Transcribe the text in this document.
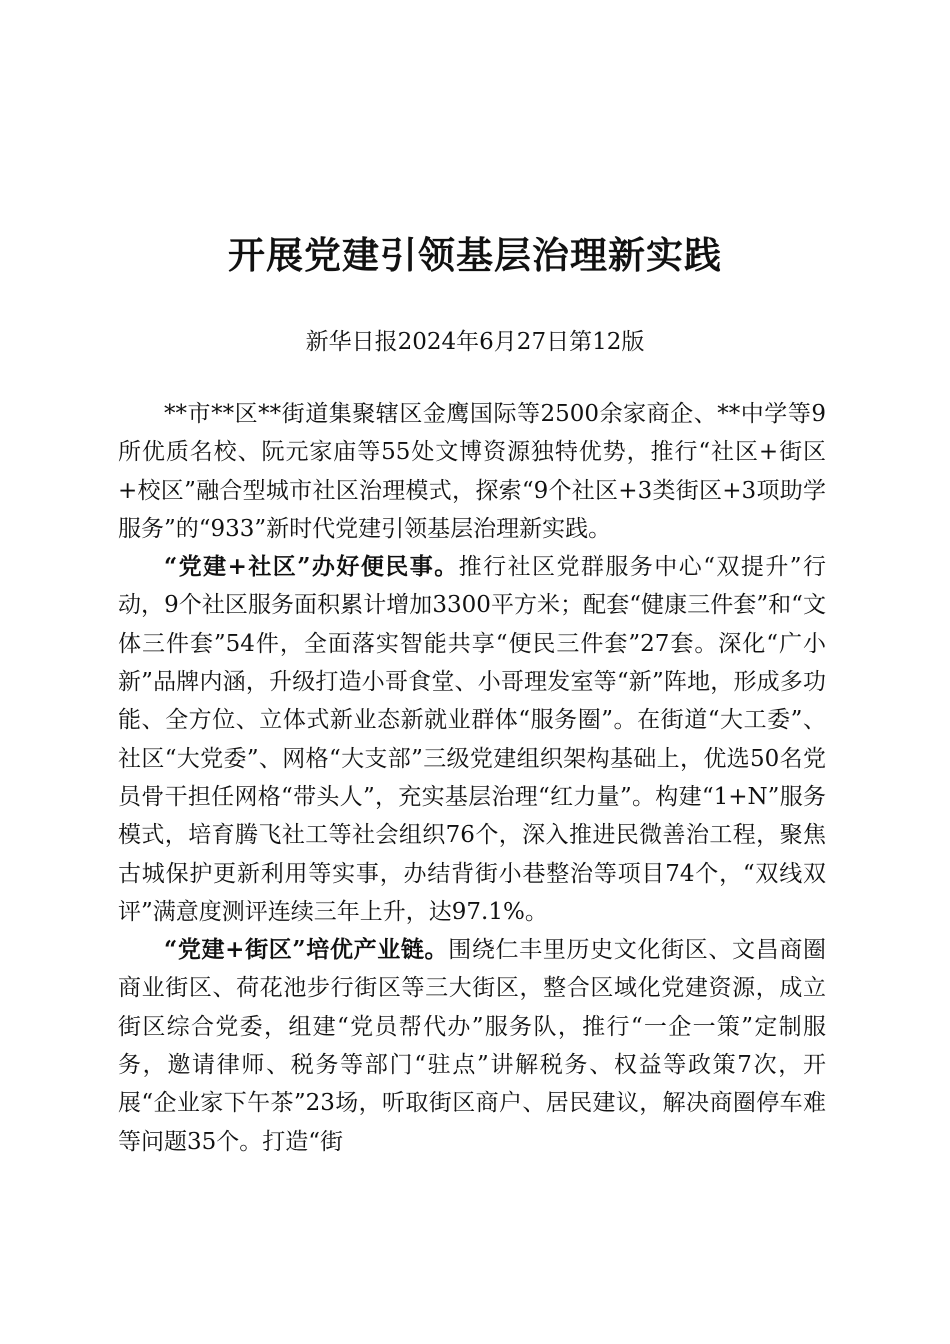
开展党建引领基层治理新实践
新华日报2024年6月27日第12版

**市**区**街道集聚辖区金鹰国际等2500余家商企、**中学等9所优质名校、阮元家庙等55处文博资源独特优势，推行“社区+街区+校区”融合型城市社区治理模式，探索“9个社区+3类街区+3项助学服务”的“933”新时代党建引领基层治理新实践。

“党建+社区”办好便民事。推行社区党群服务中心“双提升”行动，9个社区服务面积累计增加3300平方米；配套“健康三件套”和“文体三件套”54件，全面落实智能共享“便民三件套”27套。深化“广小新”品牌内涵，升级打造小哥食堂、小哥理发室等“新”阵地，形成多功能、全方位、立体式新业态新就业群体“服务圈”。在街道“大工委”、社区“大党委”、网格“大支部”三级党建组织架构基础上，优选50名党员骨干担任网格“带头人”，充实基层治理“红力量”。构建“1+N”服务模式，培育腾飞社工等社会组织76个，深入推进民微善治工程，聚焦古城保护更新利用等实事，办结背街小巷整治等项目74个，“双线双评”满意度测评连续三年上升，达97.1%。

“党建+街区”培优产业链。围绕仁丰里历史文化街区、文昌商圈商业街区、荷花池步行街区等三大街区，整合区域化党建资源，成立街区综合党委，组建“党员帮代办”服务队，推行“一企一策”定制服务，邀请律师、税务等部门“驻点”讲解税务、权益等政策7次，开展“企业家下午茶”23场，听取街区商户、居民建议，解决商圈停车难等问题35个。打造“街
